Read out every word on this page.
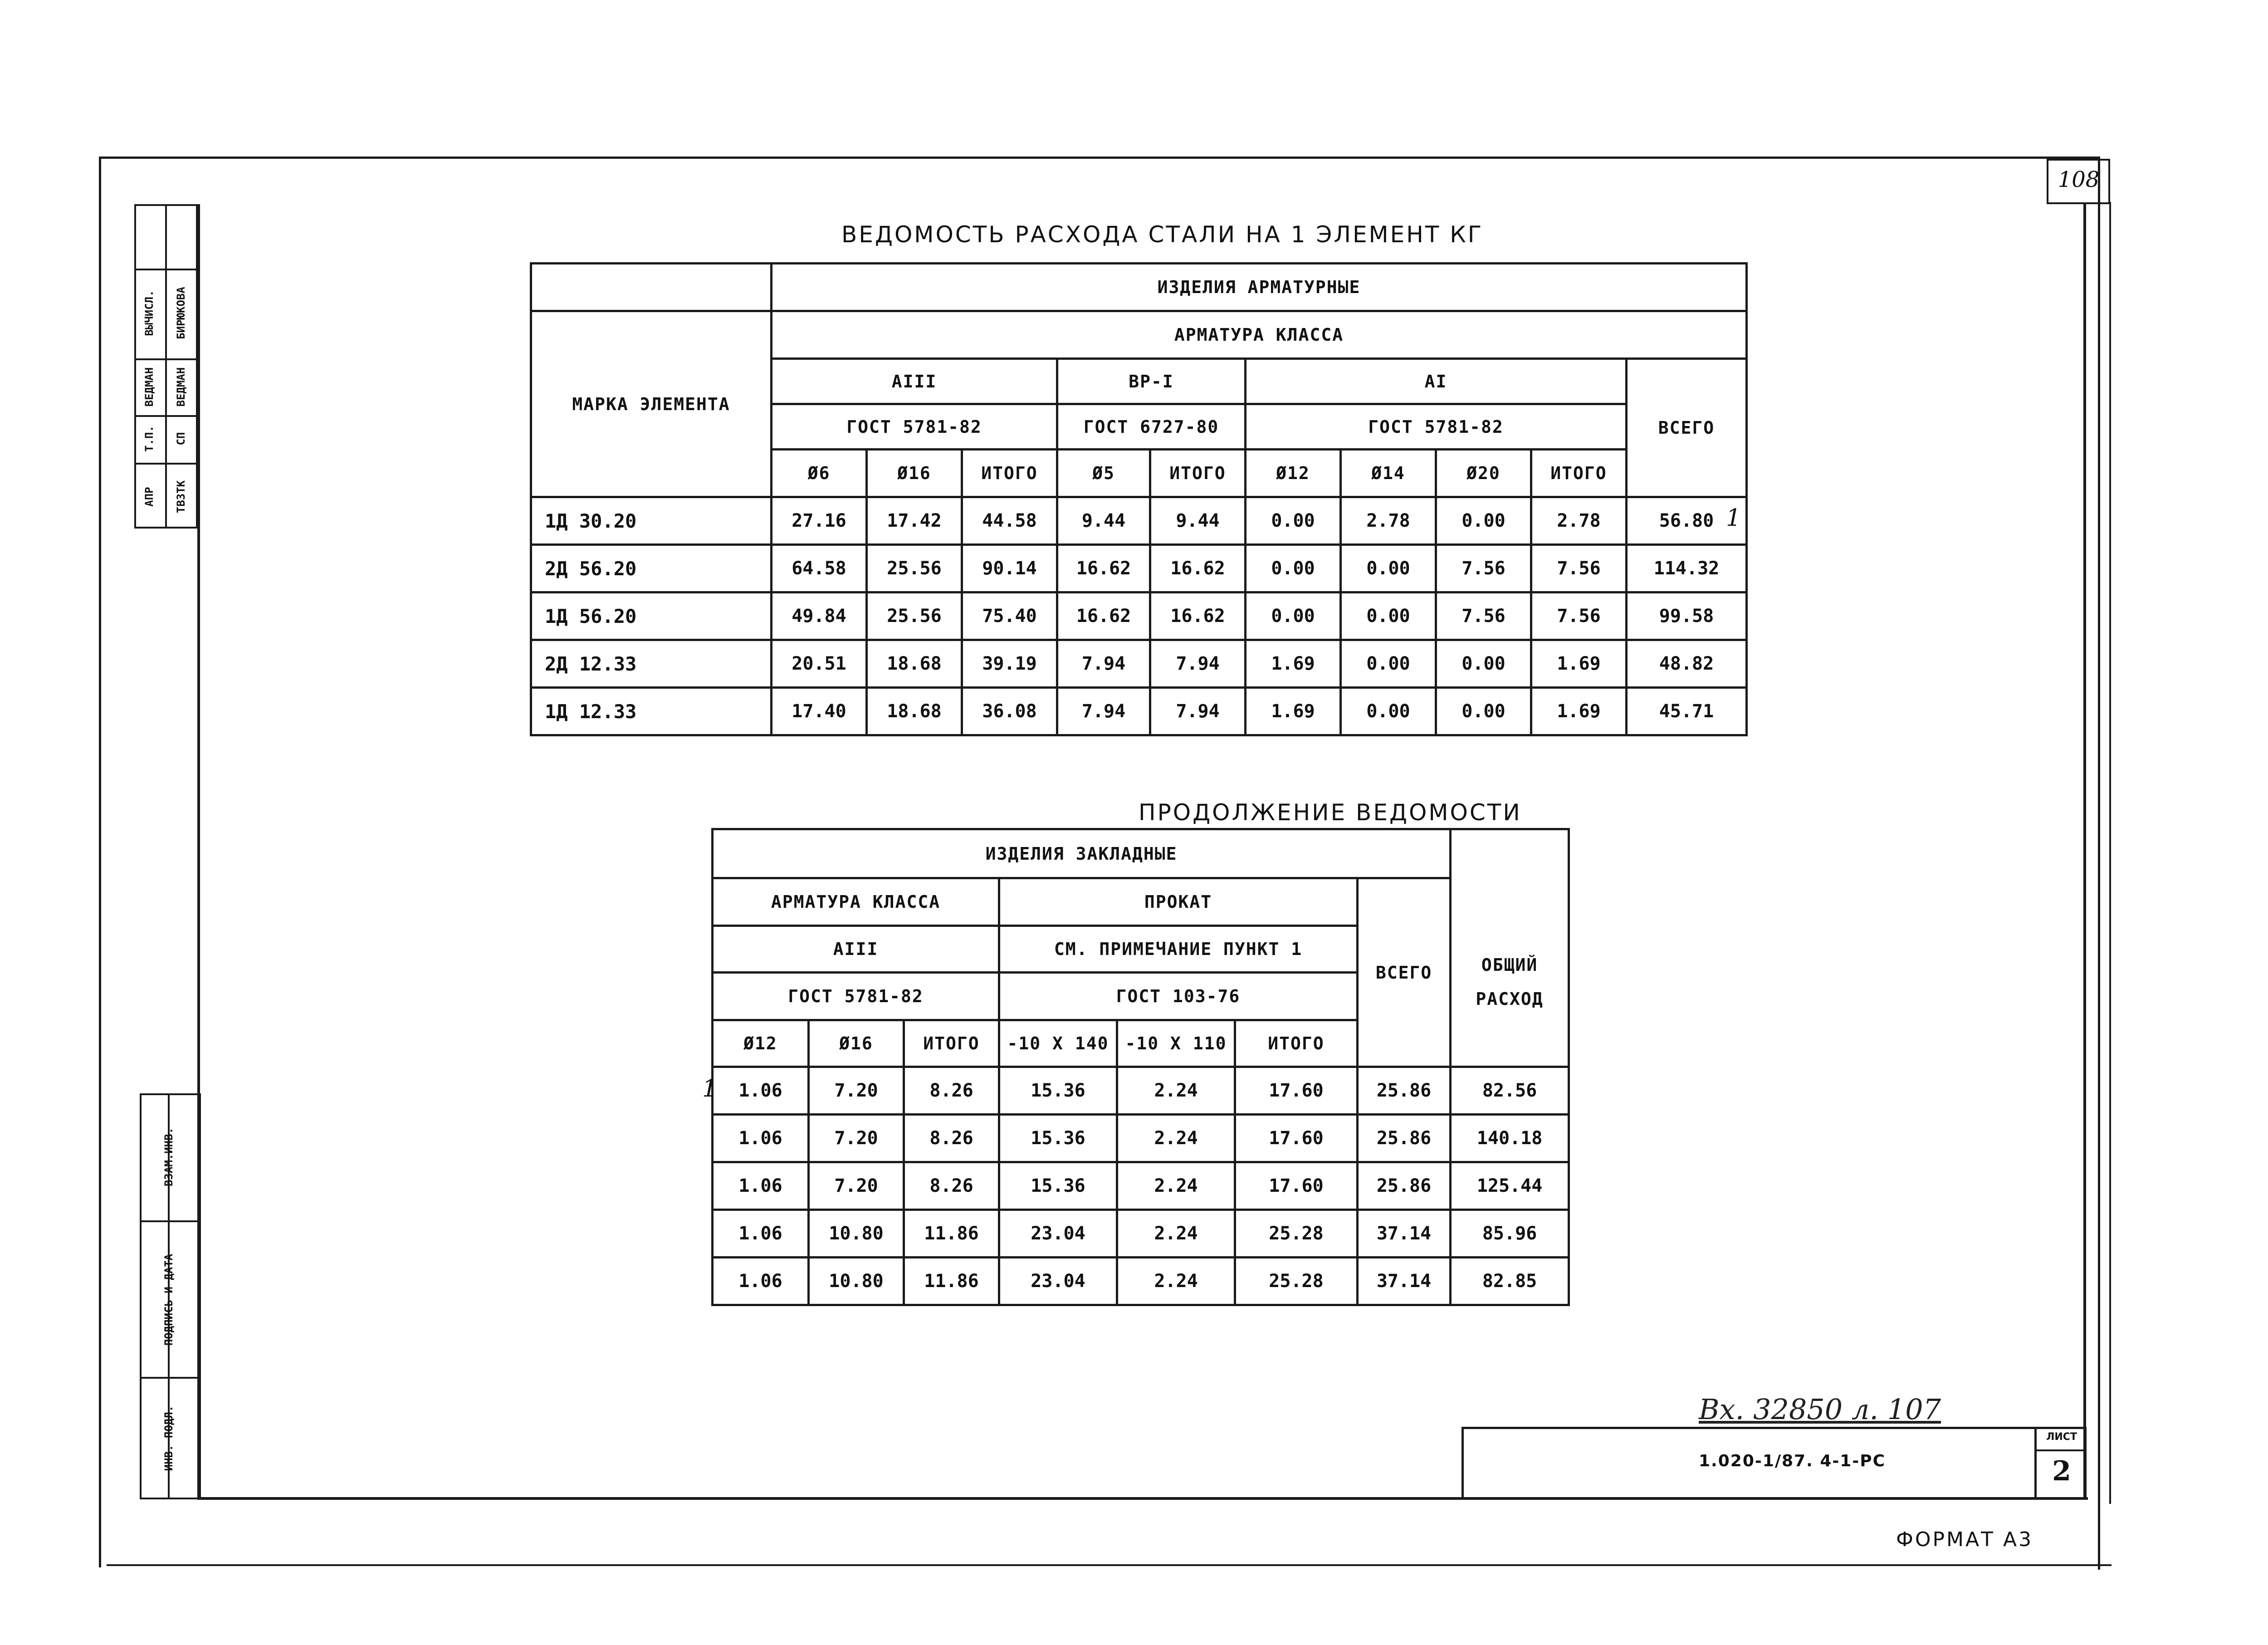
108
ВЫЧИСЛ.
ВЕДМАН
Т.П.
АПР
БИРЮКОВА
ВЕДМАН
СП
ТВЗТК
ВЗАМ.ИНВ.
ПОДПИСЬ И ДАТА
ИНВ. ПОДЛ.
ВЕДОМОСТЬ РАСХОДА СТАЛИ НА 1 ЭЛЕМЕНТ КГ
ПРОДОЛЖЕНИЕ ВЕДОМОСТИ
	ИЗДЕЛИЯ АРМАТУРНЫЕ									
МАРКА ЭЛЕМЕНТА	АРМАТУРА КЛАССА									
	AIII			ВР-I		AI				ВСЕГО
	ГОСТ 5781-82			ГОСТ 6727-80		ГОСТ 5781-82				
	Ø6	Ø16	ИТОГО	Ø5	ИТОГО	Ø12	Ø14	Ø20	ИТОГО	
1Д 30.20	27.16	17.42	44.58	9.44	9.44	0.00	2.78	0.00	2.78	56.80
2Д 56.20	64.58	25.56	90.14	16.62	16.62	0.00	0.00	7.56	7.56	114.32
1Д 56.20	49.84	25.56	75.40	16.62	16.62	0.00	0.00	7.56	7.56	99.58
2Д 12.33	20.51	18.68	39.19	7.94	7.94	1.69	0.00	0.00	1.69	48.82
1Д 12.33	17.40	18.68	36.08	7.94	7.94	1.69	0.00	0.00	1.69	45.71
1
ИЗДЕЛИЯ ЗАКЛАДНЫЕ							ОБЩИЙ РАСХОД
АРМАТУРА КЛАССА			ПРОКАТ			ВСЕГО	
AIII			СМ. ПРИМЕЧАНИЕ ПУНКТ 1				
ГОСТ 5781-82			ГОСТ 103-76				
Ø12	Ø16	ИТОГО	-10 X 140	-10 X 110	ИТОГО		
1.06	7.20	8.26	15.36	2.24	17.60	25.86	82.56
1.06	7.20	8.26	15.36	2.24	17.60	25.86	140.18
1.06	7.20	8.26	15.36	2.24	17.60	25.86	125.44
1.06	10.80	11.86	23.04	2.24	25.28	37.14	85.96
1.06	10.80	11.86	23.04	2.24	25.28	37.14	82.85
1
Вх. 32850 л. 107
1.020-1/87. 4-1-РС
ЛИСТ
2
ФОРМАТ А3
